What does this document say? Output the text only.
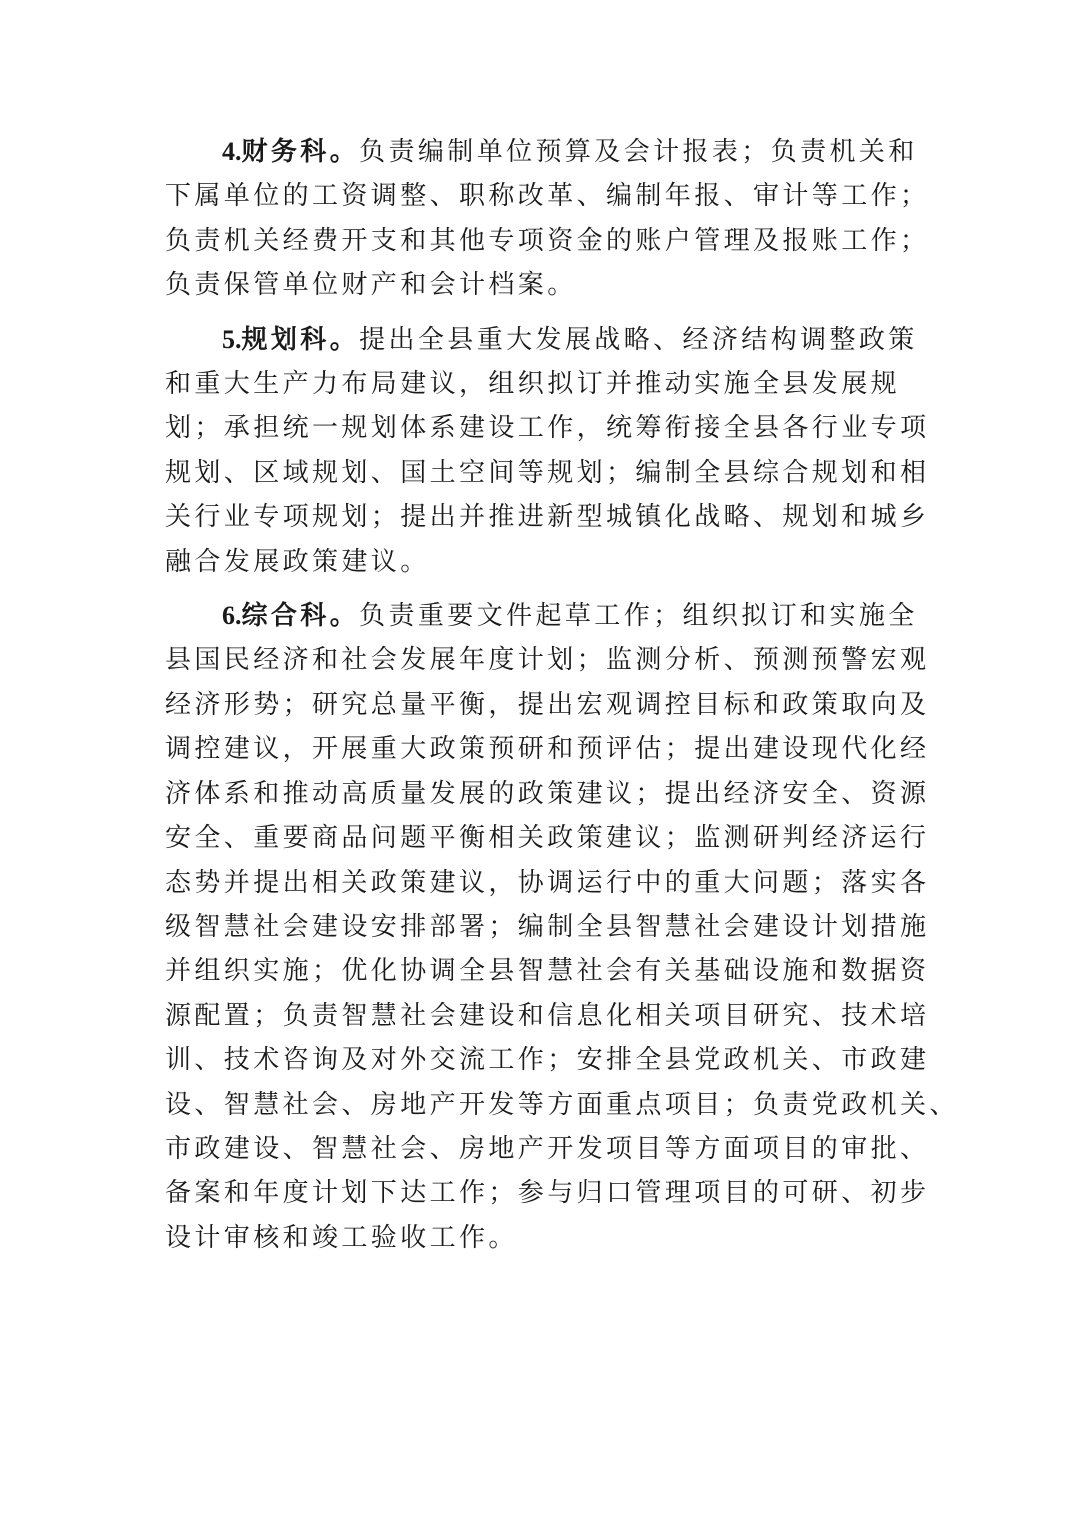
4.财务科。负责编制单位预算及会计报表；负责机关和
下属单位的工资调整、职称改革、编制年报、审计等工作；
负责机关经费开支和其他专项资金的账户管理及报账工作；
负责保管单位财产和会计档案。
5.规划科。提出全县重大发展战略、经济结构调整政策
和重大生产力布局建议，组织拟订并推动实施全县发展规
划；承担统一规划体系建设工作，统筹衔接全县各行业专项
规划、区域规划、国土空间等规划；编制全县综合规划和相
关行业专项规划；提出并推进新型城镇化战略、规划和城乡
融合发展政策建议。
6.综合科。负责重要文件起草工作；组织拟订和实施全
县国民经济和社会发展年度计划；监测分析、预测预警宏观
经济形势；研究总量平衡，提出宏观调控目标和政策取向及
调控建议，开展重大政策预研和预评估；提出建设现代化经
济体系和推动高质量发展的政策建议；提出经济安全、资源
安全、重要商品问题平衡相关政策建议；监测研判经济运行
态势并提出相关政策建议，协调运行中的重大问题；落实各
级智慧社会建设安排部署；编制全县智慧社会建设计划措施
并组织实施；优化协调全县智慧社会有关基础设施和数据资
源配置；负责智慧社会建设和信息化相关项目研究、技术培
训、技术咨询及对外交流工作；安排全县党政机关、市政建
设、智慧社会、房地产开发等方面重点项目；负责党政机关、
市政建设、智慧社会、房地产开发项目等方面项目的审批、
备案和年度计划下达工作；参与归口管理项目的可研、初步
设计审核和竣工验收工作。
